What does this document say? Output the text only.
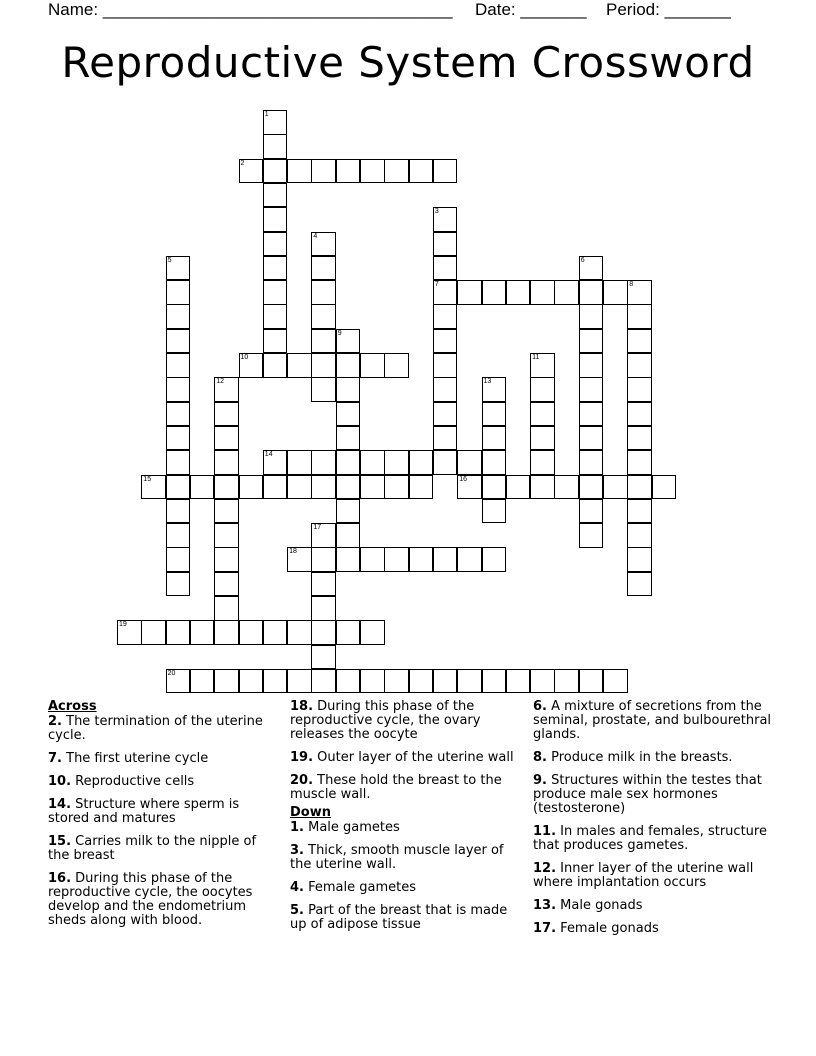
Name: _____________________________________ Date: _______ Period: _______
Reproductive System Crossword
1
2
3
7
4
5	6
8
9
10	11
12	13
14
15	16
17
18
19
20
Across
2. The termination of the uterine cycle.
7. The first uterine cycle
10. Reproductive cells
14. Structure where sperm is stored and matures
15. Carries milk to the nipple of the breast
16. During this phase of the reproductive cycle, the oocytes develop and the endometrium sheds along with blood.
18. During this phase of the reproductive cycle, the ovary releases the oocyte
19. Outer layer of the uterine wall
20. These hold the breast to the muscle wall.
Down
1. Male gametes
3. Thick, smooth muscle layer of the uterine wall.
4. Female gametes
5. Part of the breast that is made up of adipose tissue
6. A mixture of secretions from the seminal, prostate, and bulbourethral glands.
8. Produce milk in the breasts.
9. Structures within the testes that produce male sex hormones (testosterone)
11. In males and females, structure that produces gametes.
12. Inner layer of the uterine wall where implantation occurs
13. Male gonads
17. Female gonads
